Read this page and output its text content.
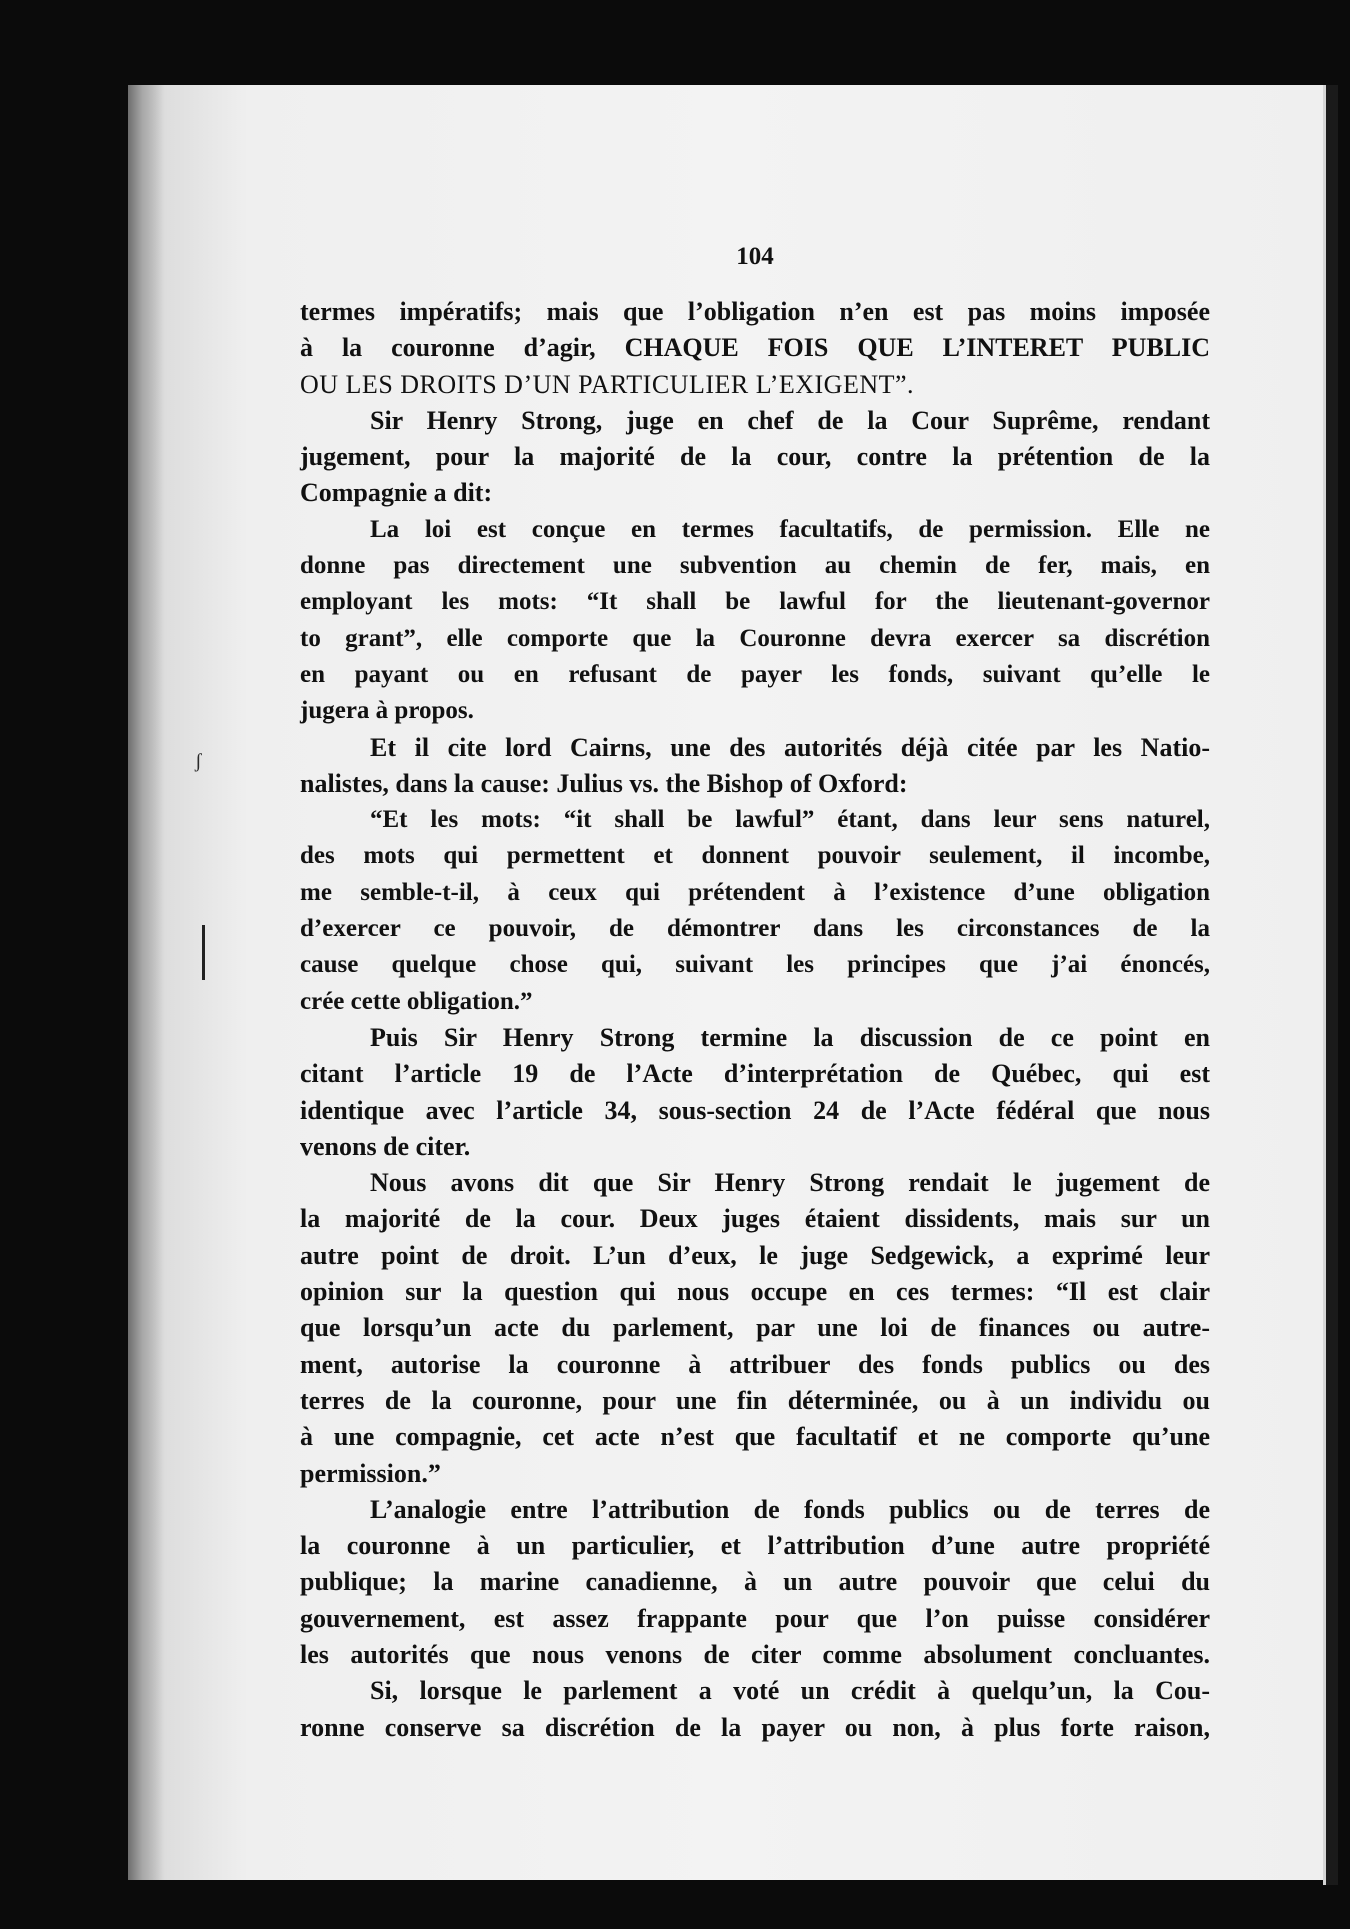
ʃ
104
termes impératifs; mais que l’obligation n’en est pas moins imposée
à la couronne d’agir, CHAQUE FOIS QUE L’INTERET PUBLIC
OU LES DROITS D’UN PARTICULIER L’EXIGENT”.
Sir Henry Strong, juge en chef de la Cour Suprême, rendant
jugement, pour la majorité de la cour, contre la prétention de la
Compagnie a dit:
La loi est conçue en termes facultatifs, de permission. Elle ne
donne pas directement une subvention au chemin de fer, mais, en
employant les mots: “It shall be lawful for the lieutenant-governor
to grant”, elle comporte que la Couronne devra exercer sa discrétion
en payant ou en refusant de payer les fonds, suivant qu’elle le
jugera à propos.
Et il cite lord Cairns, une des autorités déjà citée par les Natio-
nalistes, dans la cause: Julius vs. the Bishop of Oxford:
“Et les mots: “it shall be lawful” étant, dans leur sens naturel,
des mots qui permettent et donnent pouvoir seulement, il incombe,
me semble-t-il, à ceux qui prétendent à l’existence d’une obligation
d’exercer ce pouvoir, de démontrer dans les circonstances de la
cause quelque chose qui, suivant les principes que j’ai énoncés,
crée cette obligation.”
Puis Sir Henry Strong termine la discussion de ce point en
citant l’article 19 de l’Acte d’interprétation de Québec, qui est
identique avec l’article 34, sous-section 24 de l’Acte fédéral que nous
venons de citer.
Nous avons dit que Sir Henry Strong rendait le jugement de
la majorité de la cour. Deux juges étaient dissidents, mais sur un
autre point de droit. L’un d’eux, le juge Sedgewick, a exprimé leur
opinion sur la question qui nous occupe en ces termes: “Il est clair
que lorsqu’un acte du parlement, par une loi de finances ou autre-
ment, autorise la couronne à attribuer des fonds publics ou des
terres de la couronne, pour une fin déterminée, ou à un individu ou
à une compagnie, cet acte n’est que facultatif et ne comporte qu’une
permission.”
L’analogie entre l’attribution de fonds publics ou de terres de
la couronne à un particulier, et l’attribution d’une autre propriété
publique; la marine canadienne, à un autre pouvoir que celui du
gouvernement, est assez frappante pour que l’on puisse considérer
les autorités que nous venons de citer comme absolument concluantes.
Si, lorsque le parlement a voté un crédit à quelqu’un, la Cou-
ronne conserve sa discrétion de la payer ou non, à plus forte raison,
